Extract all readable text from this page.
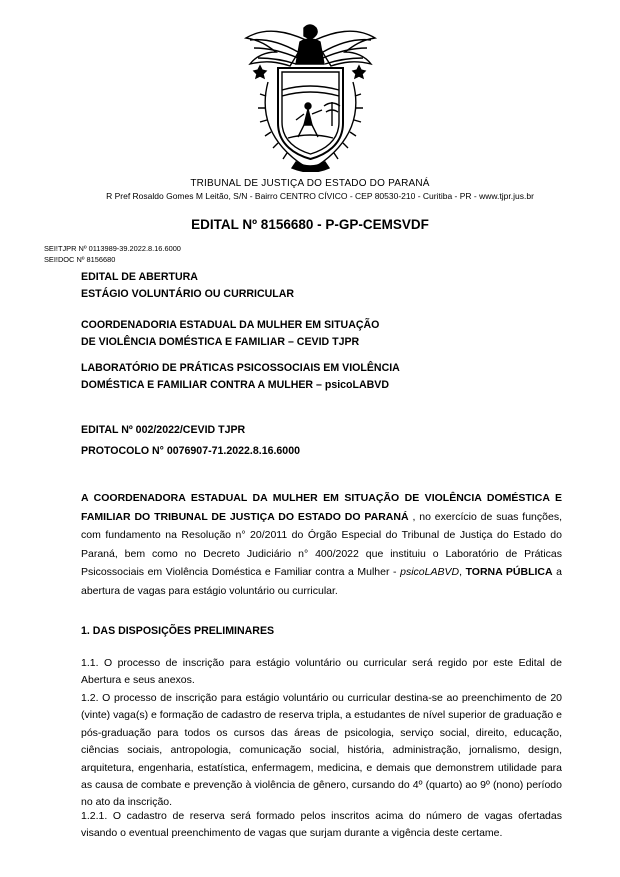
TRIBUNAL DE JUSTIÇA DO ESTADO DO PARANÁ
R Pref Rosaldo Gomes M Leitão, S/N - Bairro CENTRO CÍVICO - CEP 80530-210 - Curitiba - PR - www.tjpr.jus.br
EDITAL Nº 8156680 - P-GP-CEMSVDF
SEI!TJPR Nº 0113989-39.2022.8.16.6000
SEI!DOC Nº 8156680
EDITAL DE ABERTURA
ESTÁGIO VOLUNTÁRIO OU CURRICULAR
COORDENADORIA ESTADUAL DA MULHER EM SITUAÇÃO
DE VIOLÊNCIA DOMÉSTICA E FAMILIAR – CEVID TJPR
LABORATÓRIO DE PRÁTICAS PSICOSSOCIAIS EM VIOLÊNCIA
DOMÉSTICA E FAMILIAR CONTRA A MULHER – psicoLABVD
EDITAL Nº 002/2022/CEVID TJPR
PROTOCOLO N° 0076907-71.2022.8.16.6000
A COORDENADORA ESTADUAL DA MULHER EM SITUAÇÃO DE VIOLÊNCIA DOMÉSTICA E FAMILIAR DO TRIBUNAL DE JUSTIÇA DO ESTADO DO PARANÁ , no exercício de suas funções, com fundamento na Resolução n° 20/2011 do Órgão Especial do Tribunal de Justiça do Estado do Paraná, bem como no Decreto Judiciário n° 400/2022 que instituiu o Laboratório de Práticas Psicossociais em Violência Doméstica e Familiar contra a Mulher - psicoLABVD, TORNA PÚBLICA a abertura de vagas para estágio voluntário ou curricular.
1. DAS DISPOSIÇÕES PRELIMINARES
1.1. O processo de inscrição para estágio voluntário ou curricular será regido por este Edital de Abertura e seus anexos.
1.2. O processo de inscrição para estágio voluntário ou curricular destina-se ao preenchimento de 20 (vinte) vaga(s) e formação de cadastro de reserva tripla, a estudantes de nível superior de graduação e pós-graduação para todos os cursos das áreas de psicologia, serviço social, direito, educação, ciências sociais, antropologia, comunicação social, história, administração, jornalismo, design, arquitetura, engenharia, estatística, enfermagem, medicina, e demais que demonstrem utilidade para as causa de combate e prevenção à violência de gênero, cursando do 4º (quarto) ao 9º (nono) período no ato da inscrição.
1.2.1. O cadastro de reserva será formado pelos inscritos acima do número de vagas ofertadas visando o eventual preenchimento de vagas que surjam durante a vigência deste certame.
